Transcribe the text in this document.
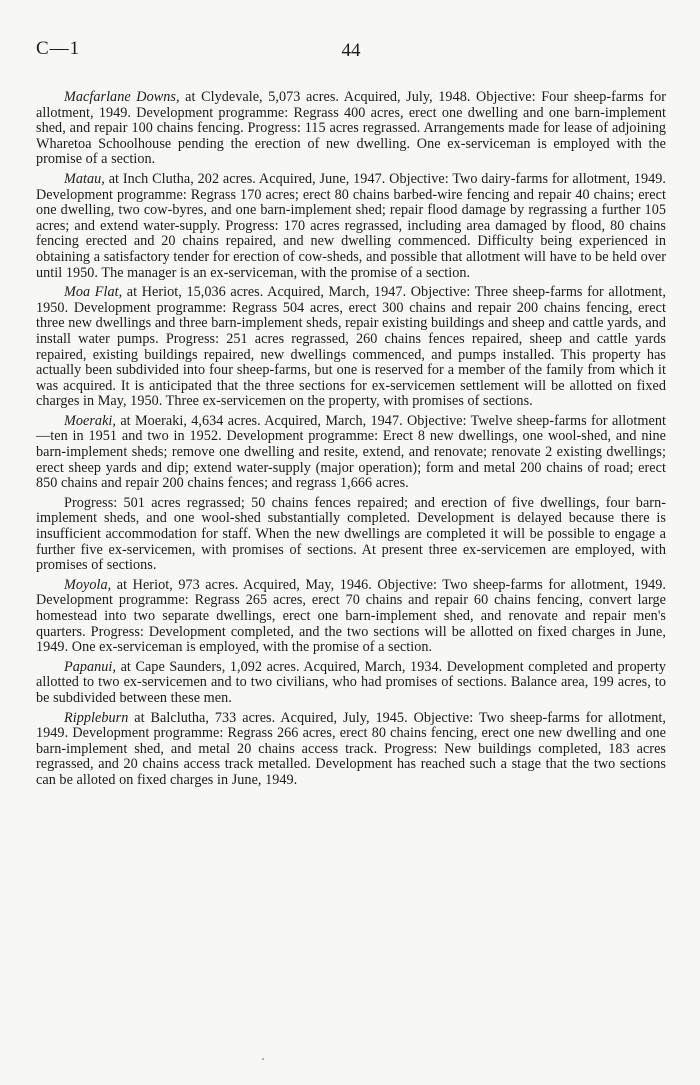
C—1	44

Macfarlane Downs, at Clydevale, 5,073 acres. Acquired, July, 1948. Objective: Four sheep-farms for allotment, 1949. Development programme: Regrass 400 acres, erect one dwelling and one barn-implement shed, and repair 100 chains fencing. Progress: 115 acres regrassed. Arrangements made for lease of adjoining Wharetoa Schoolhouse pending the erection of new dwelling. One ex-serviceman is employed with the promise of a section.

Matau, at Inch Clutha, 202 acres. Acquired, June, 1947. Objective: Two dairy-farms for allotment, 1949. Development programme: Regrass 170 acres; erect 80 chains barbed-wire fencing and repair 40 chains; erect one dwelling, two cow-byres, and one barn-implement shed; repair flood damage by regrassing a further 105 acres; and extend water-supply. Progress: 170 acres regrassed, including area damaged by flood, 80 chains fencing erected and 20 chains repaired, and new dwelling commenced. Difficulty being experienced in obtaining a satisfactory tender for erection of cow-sheds, and possible that allotment will have to be held over until 1950. The manager is an ex-serviceman, with the promise of a section.

Moa Flat, at Heriot, 15,036 acres. Acquired, March, 1947. Objective: Three sheep-farms for allotment, 1950. Development programme: Regrass 504 acres, erect 300 chains and repair 200 chains fencing, erect three new dwellings and three barn-implement sheds, repair existing buildings and sheep and cattle yards, and install water pumps. Progress: 251 acres regrassed, 260 chains fences repaired, sheep and cattle yards repaired, existing buildings repaired, new dwellings commenced, and pumps installed. This property has actually been subdivided into four sheep-farms, but one is reserved for a member of the family from which it was acquired. It is anticipated that the three sections for ex-servicemen settlement will be allotted on fixed charges in May, 1950. Three ex-servicemen on the property, with promises of sections.

Moeraki, at Moeraki, 4,634 acres. Acquired, March, 1947. Objective: Twelve sheep-farms for allotment—ten in 1951 and two in 1952. Development programme: Erect 8 new dwellings, one wool-shed, and nine barn-implement sheds; remove one dwelling and resite, extend, and renovate; renovate 2 existing dwellings; erect sheep yards and dip; extend water-supply (major operation); form and metal 200 chains of road; erect 850 chains and repair 200 chains fences; and regrass 1,666 acres.

Progress: 501 acres regrassed; 50 chains fences repaired; and erection of five dwellings, four barn-implement sheds, and one wool-shed substantially completed. Development is delayed because there is insufficient accommodation for staff. When the new dwellings are completed it will be possible to engage a further five ex-servicemen, with promises of sections. At present three ex-servicemen are employed, with promises of sections.

Moyola, at Heriot, 973 acres. Acquired, May, 1946. Objective: Two sheep-farms for allotment, 1949. Development programme: Regrass 265 acres, erect 70 chains and repair 60 chains fencing, convert large homestead into two separate dwellings, erect one barn-implement shed, and renovate and repair men's quarters. Progress: Development completed, and the two sections will be allotted on fixed charges in June, 1949. One ex-serviceman is employed, with the promise of a section.

Papanui, at Cape Saunders, 1,092 acres. Acquired, March, 1934. Development completed and property allotted to two ex-servicemen and to two civilians, who had promises of sections. Balance area, 199 acres, to be subdivided between these men.

Rippleburn at Balclutha, 733 acres. Acquired, July, 1945. Objective: Two sheep-farms for allotment, 1949. Development programme: Regrass 266 acres, erect 80 chains fencing, erect one new dwelling and one barn-implement shed, and metal 20 chains access track. Progress: New buildings completed, 183 acres regrassed, and 20 chains access track metalled. Development has reached such a stage that the two sections can be alloted on fixed charges in June, 1949.
